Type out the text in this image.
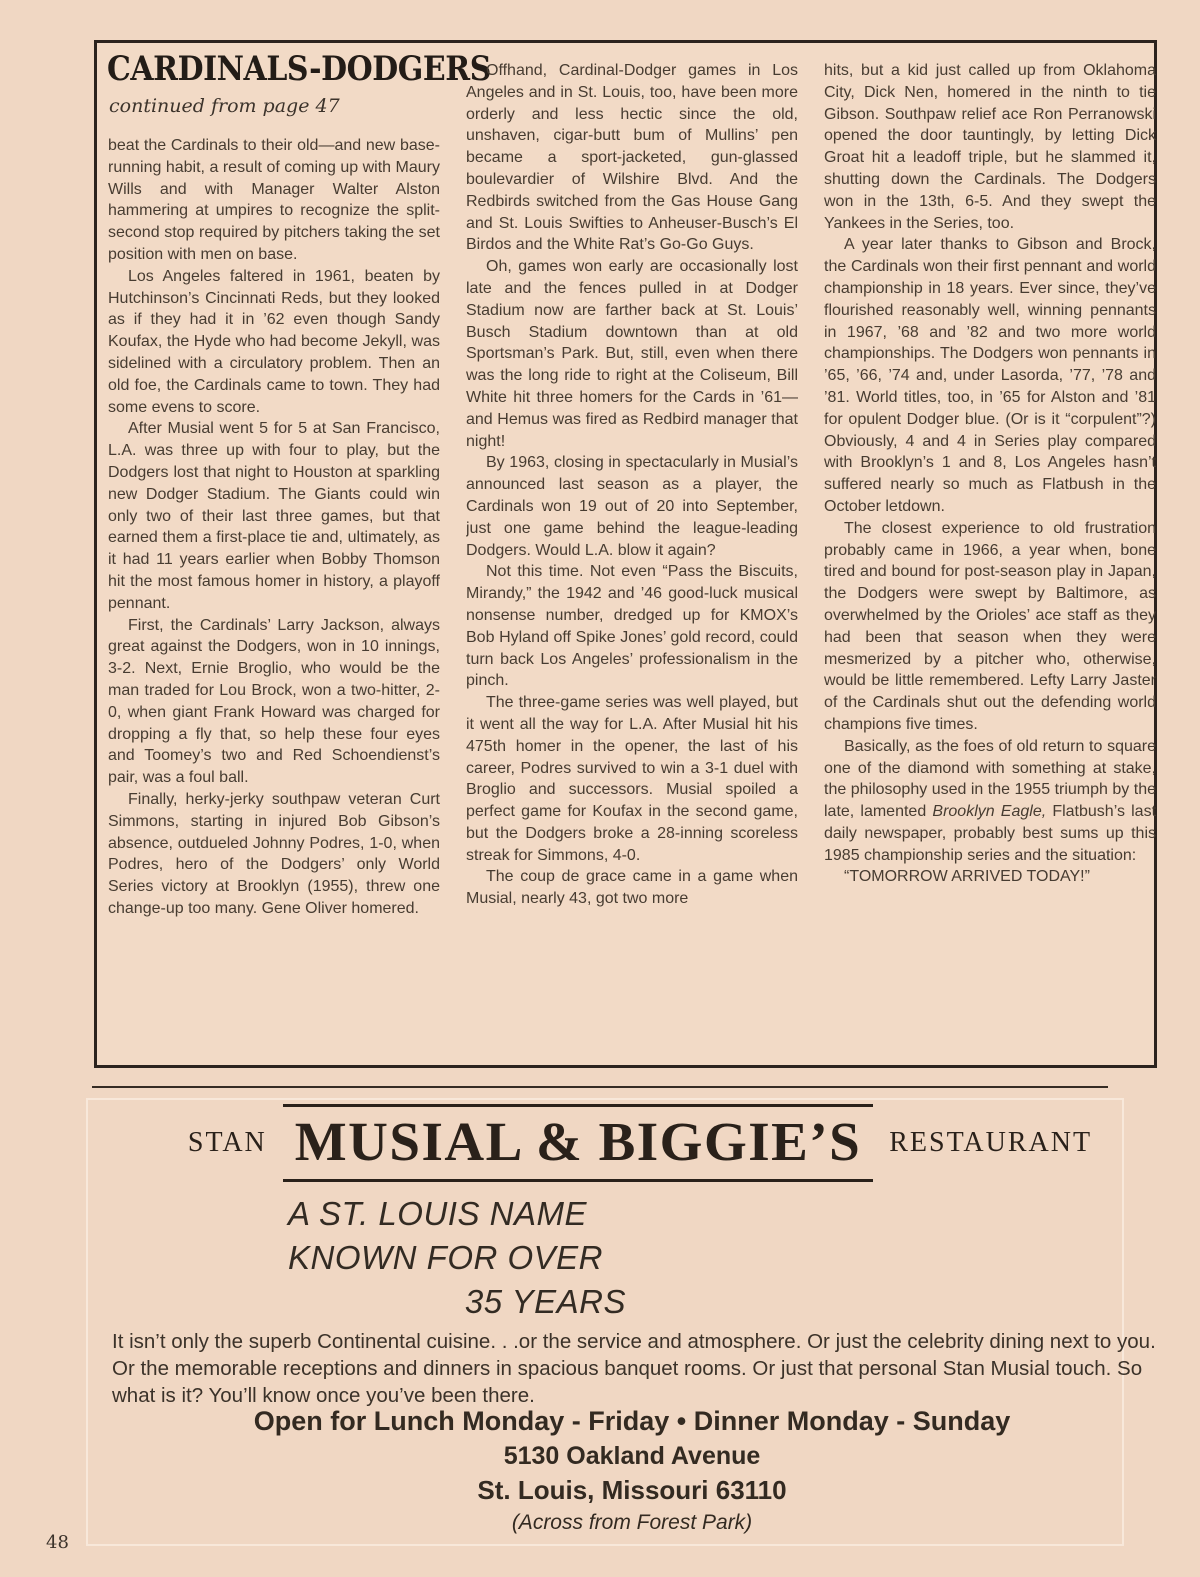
CARDINALS-DODGERS
continued from page 47

beat the Cardinals to their old—and new base-running habit, a result of coming up with Maury Wills and with Manager Walter Alston hammering at umpires to recognize the split-second stop required by pitchers taking the set position with men on base.

Los Angeles faltered in 1961, beaten by Hutchinson’s Cincinnati Reds, but they looked as if they had it in ’62 even though Sandy Koufax, the Hyde who had become Jekyll, was sidelined with a circulatory problem. Then an old foe, the Cardinals came to town. They had some evens to score.

After Musial went 5 for 5 at San Francisco, L.A. was three up with four to play, but the Dodgers lost that night to Houston at sparkling new Dodger Stadium. The Giants could win only two of their last three games, but that earned them a first-place tie and, ultimately, as it had 11 years earlier when Bobby Thomson hit the most famous homer in history, a playoff pennant.

First, the Cardinals’ Larry Jackson, always great against the Dodgers, won in 10 innings, 3-2. Next, Ernie Broglio, who would be the man traded for Lou Brock, won a two-hitter, 2-0, when giant Frank Howard was charged for dropping a fly that, so help these four eyes and Toomey’s two and Red Schoendienst’s pair, was a foul ball.

Finally, herky-jerky southpaw veteran Curt Simmons, starting in injured Bob Gibson’s absence, outdueled Johnny Podres, 1-0, when Podres, hero of the Dodgers’ only World Series victory at Brooklyn (1955), threw one change-up too many. Gene Oliver homered.

Offhand, Cardinal-Dodger games in Los Angeles and in St. Louis, too, have been more orderly and less hectic since the old, unshaven, cigar-butt bum of Mullins’ pen became a sport-jacketed, gun-glassed boulevardier of Wilshire Blvd. And the Redbirds switched from the Gas House Gang and St. Louis Swifties to Anheuser-Busch’s El Birdos and the White Rat’s Go-Go Guys.

Oh, games won early are occasionally lost late and the fences pulled in at Dodger Stadium now are farther back at St. Louis’ Busch Stadium downtown than at old Sportsman’s Park. But, still, even when there was the long ride to right at the Coliseum, Bill White hit three homers for the Cards in ’61—and Hemus was fired as Redbird manager that night!

By 1963, closing in spectacularly in Musial’s announced last season as a player, the Cardinals won 19 out of 20 into September, just one game behind the league-leading Dodgers. Would L.A. blow it again?

Not this time. Not even “Pass the Biscuits, Mirandy,” the 1942 and ’46 good-luck musical nonsense number, dredged up for KMOX’s Bob Hyland off Spike Jones’ gold record, could turn back Los Angeles’ professionalism in the pinch.

The three-game series was well played, but it went all the way for L.A. After Musial hit his 475th homer in the opener, the last of his career, Podres survived to win a 3-1 duel with Broglio and successors. Musial spoiled a perfect game for Koufax in the second game, but the Dodgers broke a 28-inning scoreless streak for Simmons, 4-0.

The coup de grace came in a game when Musial, nearly 43, got two more

hits, but a kid just called up from Oklahoma City, Dick Nen, homered in the ninth to tie Gibson. Southpaw relief ace Ron Perranowski opened the door tauntingly, by letting Dick Groat hit a leadoff triple, but he slammed it, shutting down the Cardinals. The Dodgers won in the 13th, 6-5. And they swept the Yankees in the Series, too.

A year later thanks to Gibson and Brock, the Cardinals won their first pennant and world championship in 18 years. Ever since, they’ve flourished reasonably well, winning pennants in 1967, ’68 and ’82 and two more world championships. The Dodgers won pennants in ’65, ’66, ’74 and, under Lasorda, ’77, ’78 and ’81. World titles, too, in ’65 for Alston and ’81 for opulent Dodger blue. (Or is it “corpulent”?) Obviously, 4 and 4 in Series play compared with Brooklyn’s 1 and 8, Los Angeles hasn’t suffered nearly so much as Flatbush in the October letdown.

The closest experience to old frustration probably came in 1966, a year when, bone tired and bound for post-season play in Japan, the Dodgers were swept by Baltimore, as overwhelmed by the Orioles’ ace staff as they had been that season when they were mesmerized by a pitcher who, otherwise, would be little remembered. Lefty Larry Jaster of the Cardinals shut out the defending world champions five times.

Basically, as the foes of old return to square one of the diamond with something at stake, the philosophy used in the 1955 triumph by the late, lamented Brooklyn Eagle, Flatbush’s last daily newspaper, probably best sums up this 1985 championship series and the situation:

“TOMORROW ARRIVED TODAY!”

STAN MUSIAL & BIGGIE’S	RESTAURANT
A ST. LOUIS NAME
KNOWN FOR OVER
35 YEARS
It isn’t only the superb Continental cuisine. . .or the service and atmosphere. Or just the celebrity dining next to you. Or the memorable receptions and dinners in spacious banquet rooms. Or just that personal Stan Musial touch. So what is it? You’ll know once you’ve been there.
Open for Lunch Monday - Friday • Dinner Monday - Sunday
5130 Oakland Avenue
St. Louis, Missouri 63110
(Across from Forest Park)
48
